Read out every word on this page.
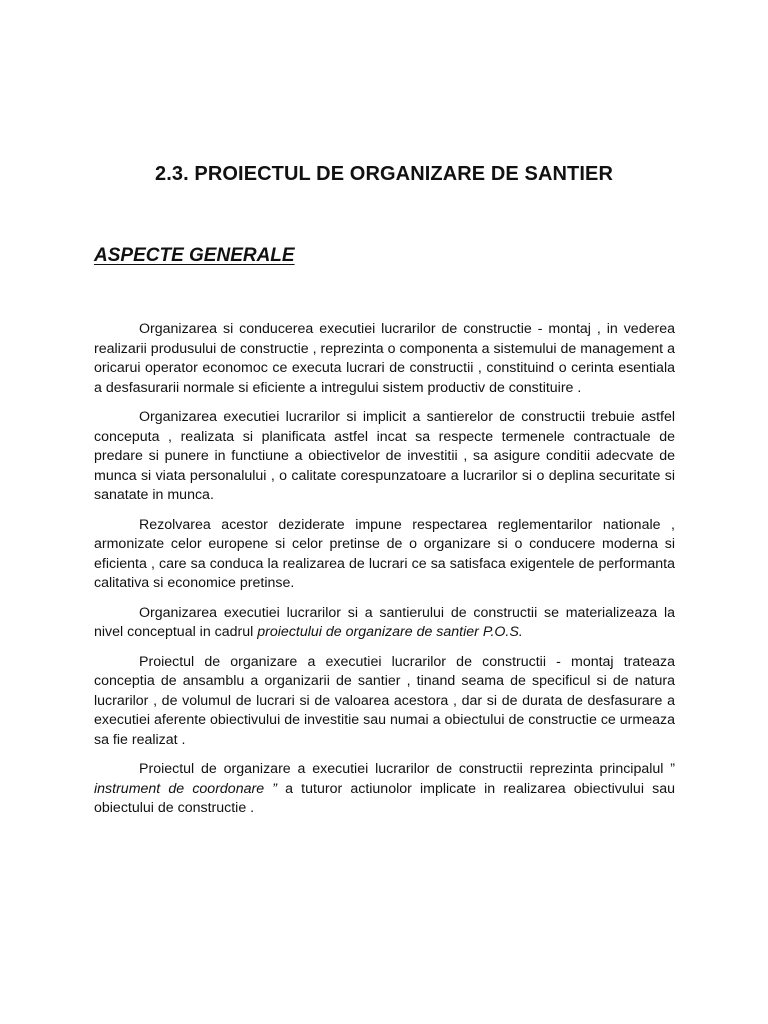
2.3. PROIECTUL DE ORGANIZARE DE SANTIER
ASPECTE GENERALE

Organizarea si conducerea executiei lucrarilor de constructie - montaj , in vederea realizarii produsului de constructie , reprezinta o componenta a sistemului de management a oricarui operator economoc ce executa lucrari de constructii , constituind o cerinta esentiala a desfasurarii normale si eficiente a intregului sistem productiv de constituire .

Organizarea executiei lucrarilor si implicit a santierelor de constructii trebuie astfel conceputa , realizata si planificata astfel incat sa respecte termenele contractuale de predare si punere in functiune a obiectivelor de investitii , sa asigure conditii adecvate de munca si viata personalului , o calitate corespunzatoare a lucrarilor si o deplina securitate si sanatate in munca.

Rezolvarea acestor deziderate impune respectarea reglementarilor nationale , armonizate celor europene si celor pretinse de o organizare si o conducere moderna si eficienta , care sa conduca la realizarea de lucrari ce sa satisfaca exigentele de performanta calitativa si economice pretinse.

Organizarea executiei lucrarilor si a santierului de constructii se materializeaza la nivel conceptual in cadrul proiectului de organizare de santier P.O.S.

Proiectul de organizare a executiei lucrarilor de constructii - montaj trateaza conceptia de ansamblu a organizarii de santier , tinand seama de specificul si de natura lucrarilor , de volumul de lucrari si de valoarea acestora , dar si de durata de desfasurare a executiei aferente obiectivului de investitie sau numai a obiectului de constructie ce urmeaza sa fie realizat .

Proiectul de organizare a executiei lucrarilor de constructii reprezinta principalul ” instrument de coordonare ” a tuturor actiunolor implicate in realizarea obiectivului sau obiectului de constructie .
